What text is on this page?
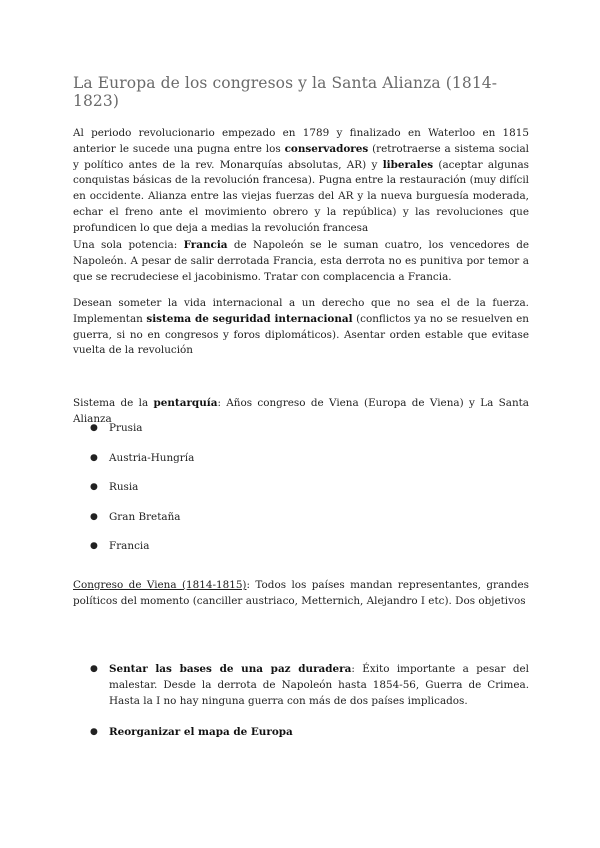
La Europa de los congresos y la Santa Alianza (1814-1823)

Al periodo revolucionario empezado en 1789 y finalizado en Waterloo en 1815 anterior le sucede una pugna entre los conservadores (retrotraerse a sistema social y político antes de la rev. Monarquías absolutas, AR) y liberales (aceptar algunas conquistas básicas de la revolución francesa). Pugna entre la restauración (muy difícil en occidente. Alianza entre las viejas fuerzas del AR y la nueva burguesía moderada, echar el freno ante el movimiento obrero y la república) y las revoluciones que profundicen lo que deja a medias la revolución francesa

Una sola potencia: Francia de Napoleón se le suman cuatro, los vencedores de Napoleón. A pesar de salir derrotada Francia, esta derrota no es punitiva por temor a que se recrudeciese el jacobinismo. Tratar con complacencia a Francia.

Desean someter la vida internacional a un derecho que no sea el de la fuerza. Implementan sistema de seguridad internacional (conflictos ya no se resuelven en guerra, si no en congresos y foros diplomáticos). Asentar orden estable que evitase vuelta de la revolución

Sistema de la pentarquía: Años congreso de Viena (Europa de Viena) y La Santa Alianza

● Prusia
● Austria-Hungría
● Rusia
● Gran Bretaña
● Francia

Congreso de Viena (1814-1815): Todos los países mandan representantes, grandes políticos del momento (canciller austriaco, Metternich, Alejandro I etc). Dos objetivos

● Sentar las bases de una paz duradera: Éxito importante a pesar del malestar. Desde la derrota de Napoleón hasta 1854-56, Guerra de Crimea. Hasta la I no hay ninguna guerra con más de dos países implicados.
● Reorganizar el mapa de Europa
